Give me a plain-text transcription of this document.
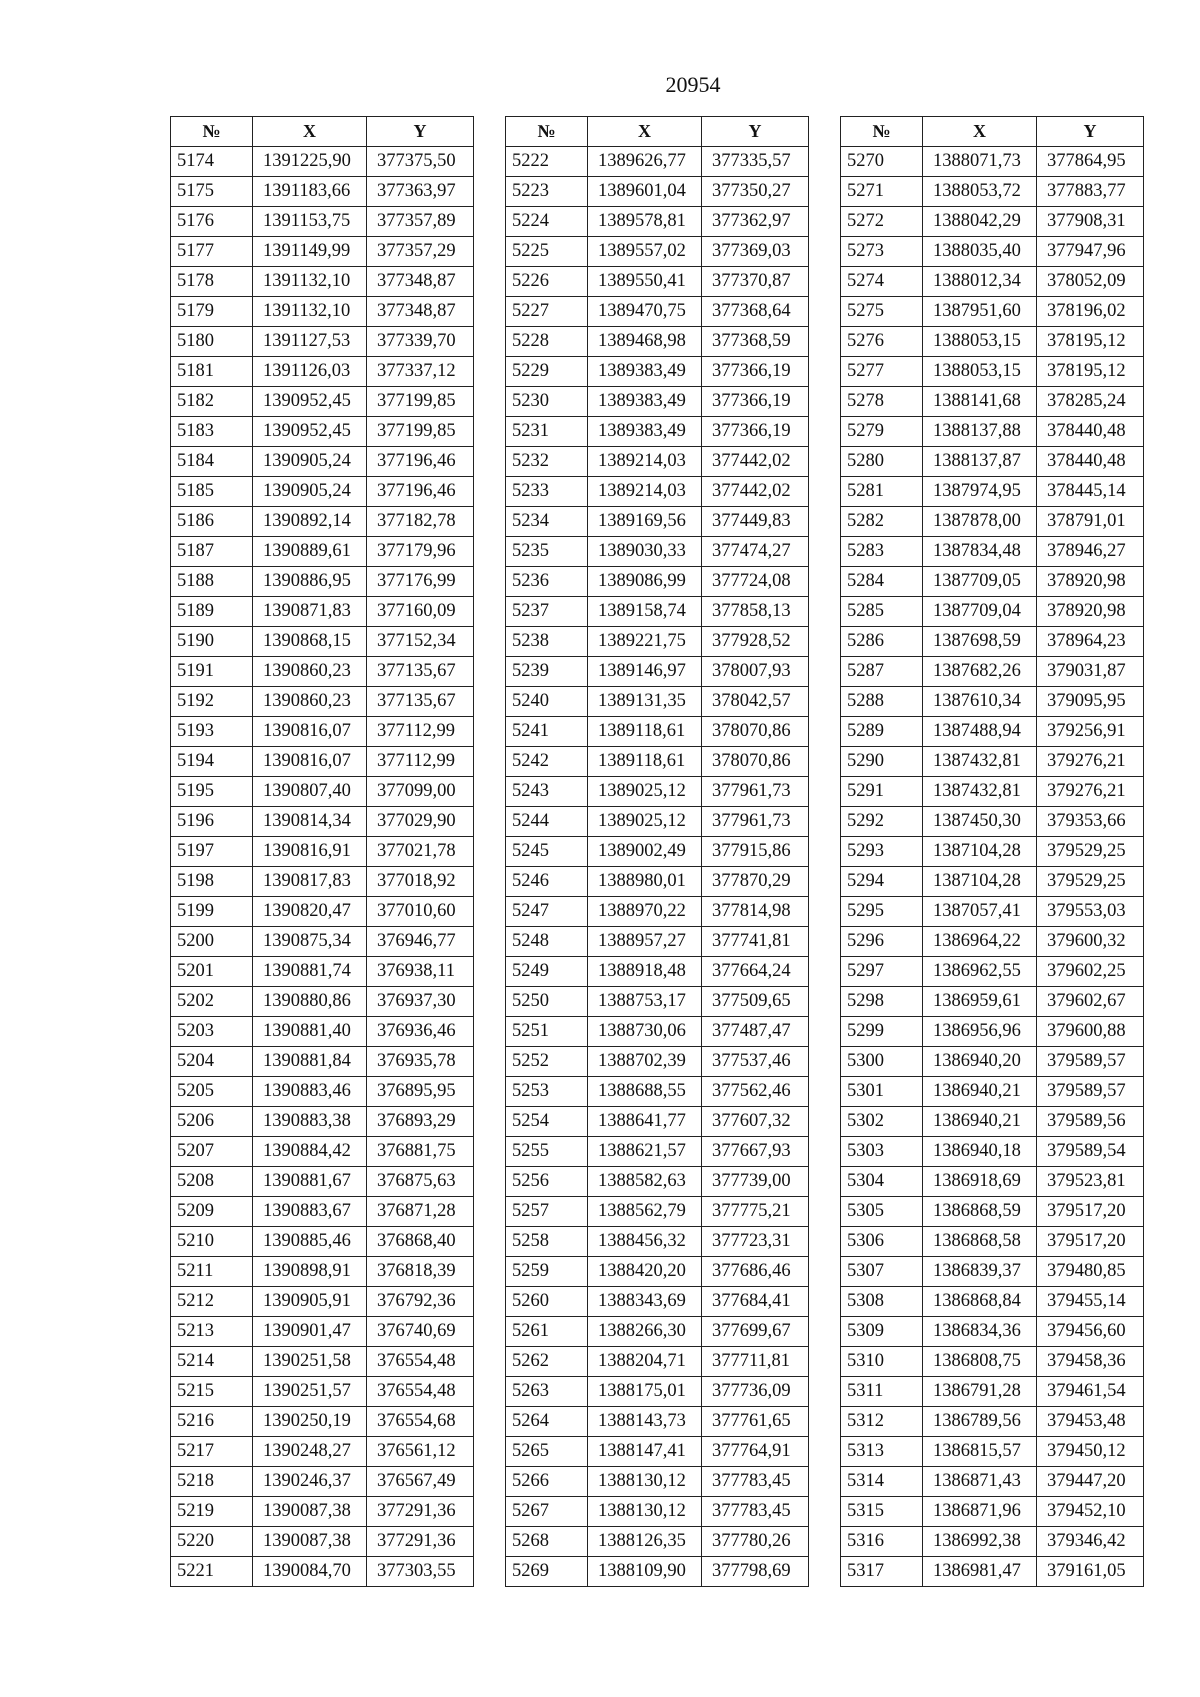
20954
№	X	Y
5174	1391225,90	377375,50
5175	1391183,66	377363,97
5176	1391153,75	377357,89
5177	1391149,99	377357,29
5178	1391132,10	377348,87
5179	1391132,10	377348,87
5180	1391127,53	377339,70
5181	1391126,03	377337,12
5182	1390952,45	377199,85
5183	1390952,45	377199,85
5184	1390905,24	377196,46
5185	1390905,24	377196,46
5186	1390892,14	377182,78
5187	1390889,61	377179,96
5188	1390886,95	377176,99
5189	1390871,83	377160,09
5190	1390868,15	377152,34
5191	1390860,23	377135,67
5192	1390860,23	377135,67
5193	1390816,07	377112,99
5194	1390816,07	377112,99
5195	1390807,40	377099,00
5196	1390814,34	377029,90
5197	1390816,91	377021,78
5198	1390817,83	377018,92
5199	1390820,47	377010,60
5200	1390875,34	376946,77
5201	1390881,74	376938,11
5202	1390880,86	376937,30
5203	1390881,40	376936,46
5204	1390881,84	376935,78
5205	1390883,46	376895,95
5206	1390883,38	376893,29
5207	1390884,42	376881,75
5208	1390881,67	376875,63
5209	1390883,67	376871,28
5210	1390885,46	376868,40
5211	1390898,91	376818,39
5212	1390905,91	376792,36
5213	1390901,47	376740,69
5214	1390251,58	376554,48
5215	1390251,57	376554,48
5216	1390250,19	376554,68
5217	1390248,27	376561,12
5218	1390246,37	376567,49
5219	1390087,38	377291,36
5220	1390087,38	377291,36
5221	1390084,70	377303,55
№	X	Y
5222	1389626,77	377335,57
5223	1389601,04	377350,27
5224	1389578,81	377362,97
5225	1389557,02	377369,03
5226	1389550,41	377370,87
5227	1389470,75	377368,64
5228	1389468,98	377368,59
5229	1389383,49	377366,19
5230	1389383,49	377366,19
5231	1389383,49	377366,19
5232	1389214,03	377442,02
5233	1389214,03	377442,02
5234	1389169,56	377449,83
5235	1389030,33	377474,27
5236	1389086,99	377724,08
5237	1389158,74	377858,13
5238	1389221,75	377928,52
5239	1389146,97	378007,93
5240	1389131,35	378042,57
5241	1389118,61	378070,86
5242	1389118,61	378070,86
5243	1389025,12	377961,73
5244	1389025,12	377961,73
5245	1389002,49	377915,86
5246	1388980,01	377870,29
5247	1388970,22	377814,98
5248	1388957,27	377741,81
5249	1388918,48	377664,24
5250	1388753,17	377509,65
5251	1388730,06	377487,47
5252	1388702,39	377537,46
5253	1388688,55	377562,46
5254	1388641,77	377607,32
5255	1388621,57	377667,93
5256	1388582,63	377739,00
5257	1388562,79	377775,21
5258	1388456,32	377723,31
5259	1388420,20	377686,46
5260	1388343,69	377684,41
5261	1388266,30	377699,67
5262	1388204,71	377711,81
5263	1388175,01	377736,09
5264	1388143,73	377761,65
5265	1388147,41	377764,91
5266	1388130,12	377783,45
5267	1388130,12	377783,45
5268	1388126,35	377780,26
5269	1388109,90	377798,69
№	X	Y
5270	1388071,73	377864,95
5271	1388053,72	377883,77
5272	1388042,29	377908,31
5273	1388035,40	377947,96
5274	1388012,34	378052,09
5275	1387951,60	378196,02
5276	1388053,15	378195,12
5277	1388053,15	378195,12
5278	1388141,68	378285,24
5279	1388137,88	378440,48
5280	1388137,87	378440,48
5281	1387974,95	378445,14
5282	1387878,00	378791,01
5283	1387834,48	378946,27
5284	1387709,05	378920,98
5285	1387709,04	378920,98
5286	1387698,59	378964,23
5287	1387682,26	379031,87
5288	1387610,34	379095,95
5289	1387488,94	379256,91
5290	1387432,81	379276,21
5291	1387432,81	379276,21
5292	1387450,30	379353,66
5293	1387104,28	379529,25
5294	1387104,28	379529,25
5295	1387057,41	379553,03
5296	1386964,22	379600,32
5297	1386962,55	379602,25
5298	1386959,61	379602,67
5299	1386956,96	379600,88
5300	1386940,20	379589,57
5301	1386940,21	379589,57
5302	1386940,21	379589,56
5303	1386940,18	379589,54
5304	1386918,69	379523,81
5305	1386868,59	379517,20
5306	1386868,58	379517,20
5307	1386839,37	379480,85
5308	1386868,84	379455,14
5309	1386834,36	379456,60
5310	1386808,75	379458,36
5311	1386791,28	379461,54
5312	1386789,56	379453,48
5313	1386815,57	379450,12
5314	1386871,43	379447,20
5315	1386871,96	379452,10
5316	1386992,38	379346,42
5317	1386981,47	379161,05
